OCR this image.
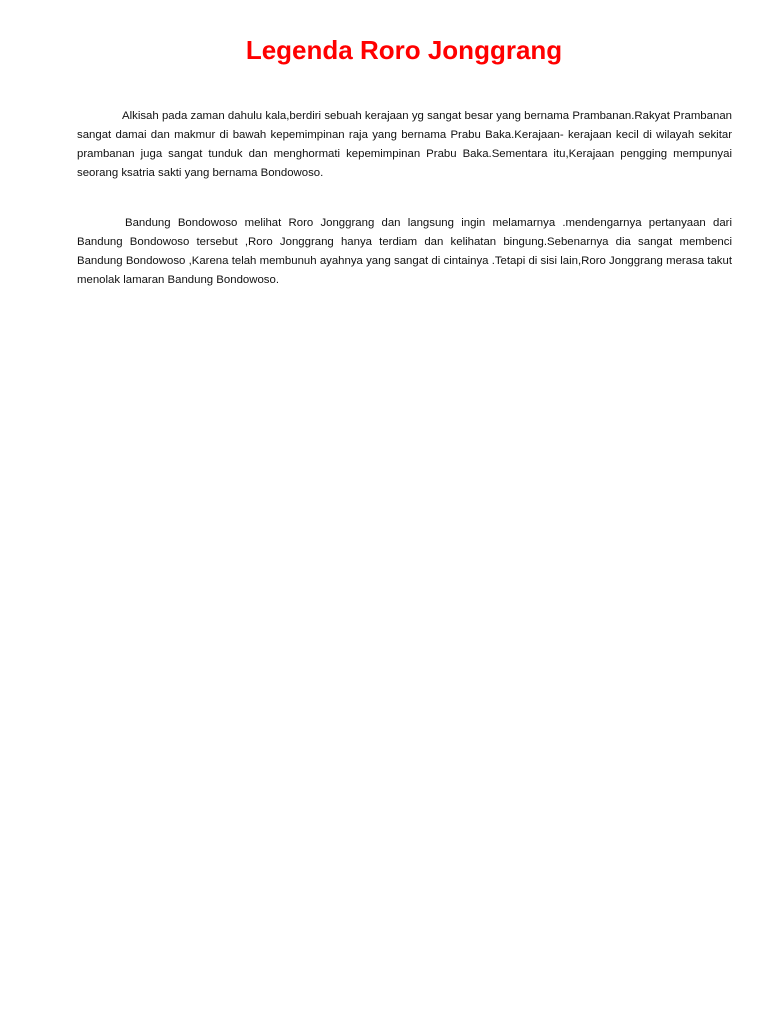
Legenda Roro Jonggrang

Alkisah pada zaman dahulu kala,berdiri sebuah kerajaan yg sangat besar yang bernama Prambanan.Rakyat Prambanan sangat damai dan makmur di bawah kepemimpinan raja yang bernama Prabu Baka.Kerajaan- kerajaan kecil di wilayah sekitar prambanan juga sangat tunduk dan menghormati kepemimpinan Prabu Baka.Sementara itu,Kerajaan pengging mempunyai seorang ksatria sakti yang bernama Bondowoso.

Bandung Bondowoso melihat Roro Jonggrang dan langsung ingin melamarnya .mendengarnya pertanyaan dari Bandung Bondowoso tersebut ,Roro Jonggrang hanya terdiam dan kelihatan bingung.Sebenarnya dia sangat membenci Bandung Bondowoso ,Karena telah membunuh ayahnya yang sangat di cintainya .Tetapi di sisi lain,Roro Jonggrang merasa takut menolak lamaran Bandung Bondowoso.
